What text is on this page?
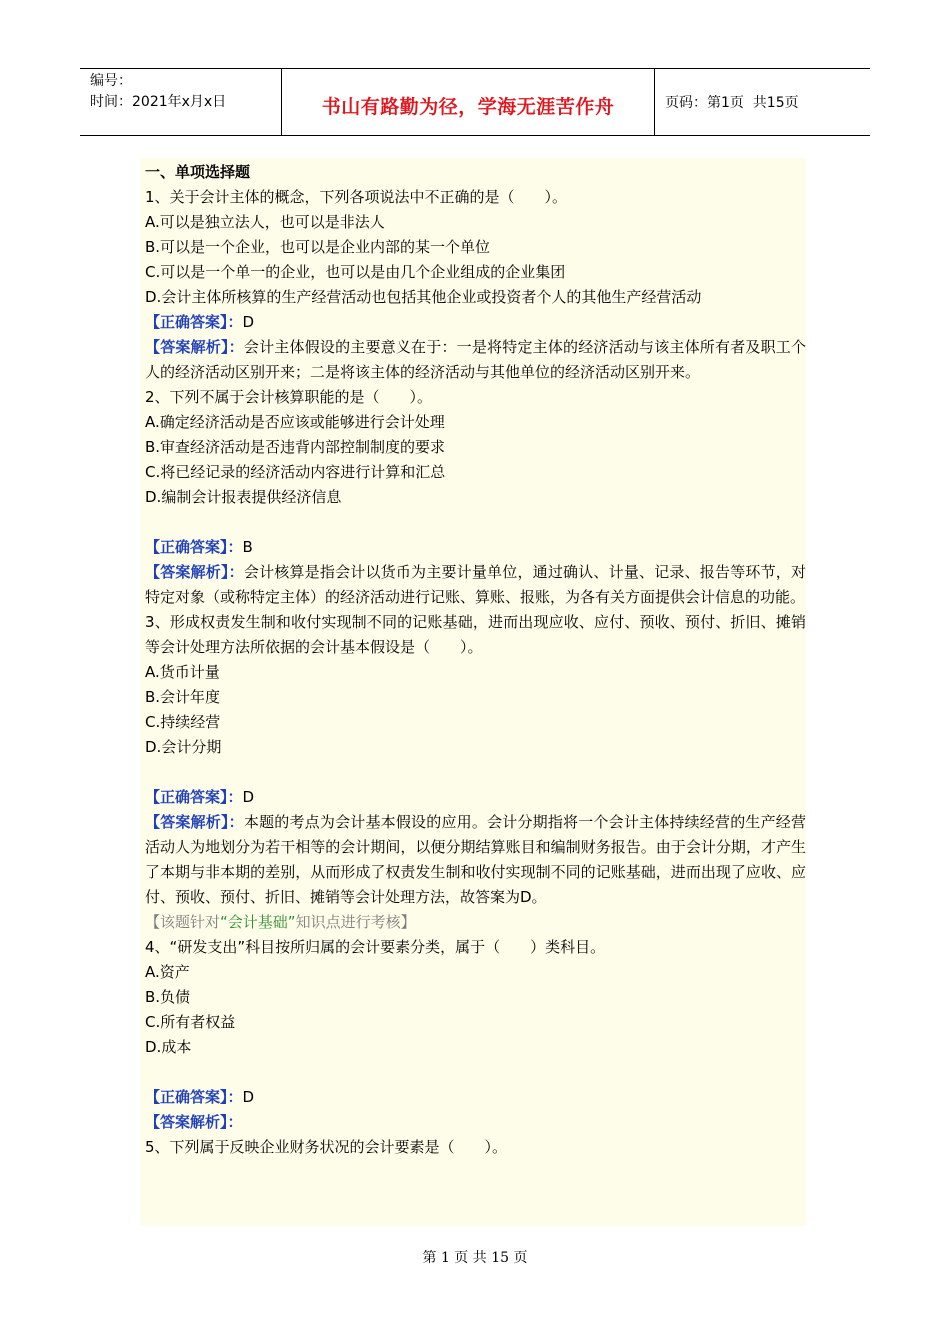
编号：
时间：2021年x月x日	书山有路勤为径，学海无涯苦作舟	页码：第1页  共15页
一、单项选择题
1、关于会计主体的概念，下列各项说法中不正确的是（　　）。
A.可以是独立法人，也可以是非法人
B.可以是一个企业，也可以是企业内部的某一个单位
C.可以是一个单一的企业，也可以是由几个企业组成的企业集团
D.会计主体所核算的生产经营活动也包括其他企业或投资者个人的其他生产经营活动
【正确答案】：D
【答案解析】：会计主体假设的主要意义在于：一是将特定主体的经济活动与该主体所有者及职工个人的经济活动区别开来；二是将该主体的经济活动与其他单位的经济活动区别开来。
2、下列不属于会计核算职能的是（　　）。
A.确定经济活动是否应该或能够进行会计处理
B.审查经济活动是否违背内部控制制度的要求
C.将已经记录的经济活动内容进行计算和汇总
D.编制会计报表提供经济信息
【正确答案】：B
【答案解析】：会计核算是指会计以货币为主要计量单位，通过确认、计量、记录、报告等环节，对特定对象（或称特定主体）的经济活动进行记账、算账、报账，为各有关方面提供会计信息的功能。
3、形成权责发生制和收付实现制不同的记账基础，进而出现应收、应付、预收、预付、折旧、摊销等会计处理方法所依据的会计基本假设是（　　）。
A.货币计量
B.会计年度
C.持续经营
D.会计分期
【正确答案】：D
【答案解析】：本题的考点为会计基本假设的应用。会计分期指将一个会计主体持续经营的生产经营活动人为地划分为若干相等的会计期间，以便分期结算账目和编制财务报告。由于会计分期，才产生了本期与非本期的差别，从而形成了权责发生制和收付实现制不同的记账基础，进而出现了应收、应付、预收、预付、折旧、摊销等会计处理方法，故答案为D。
【该题针对“会计基础”知识点进行考核】
4、“研发支出”科目按所归属的会计要素分类，属于（　　）类科目。
A.资产
B.负债
C.所有者权益
D.成本
【正确答案】：D
【答案解析】：
5、下列属于反映企业财务状况的会计要素是（　　）。
第 1 页 共 15 页
